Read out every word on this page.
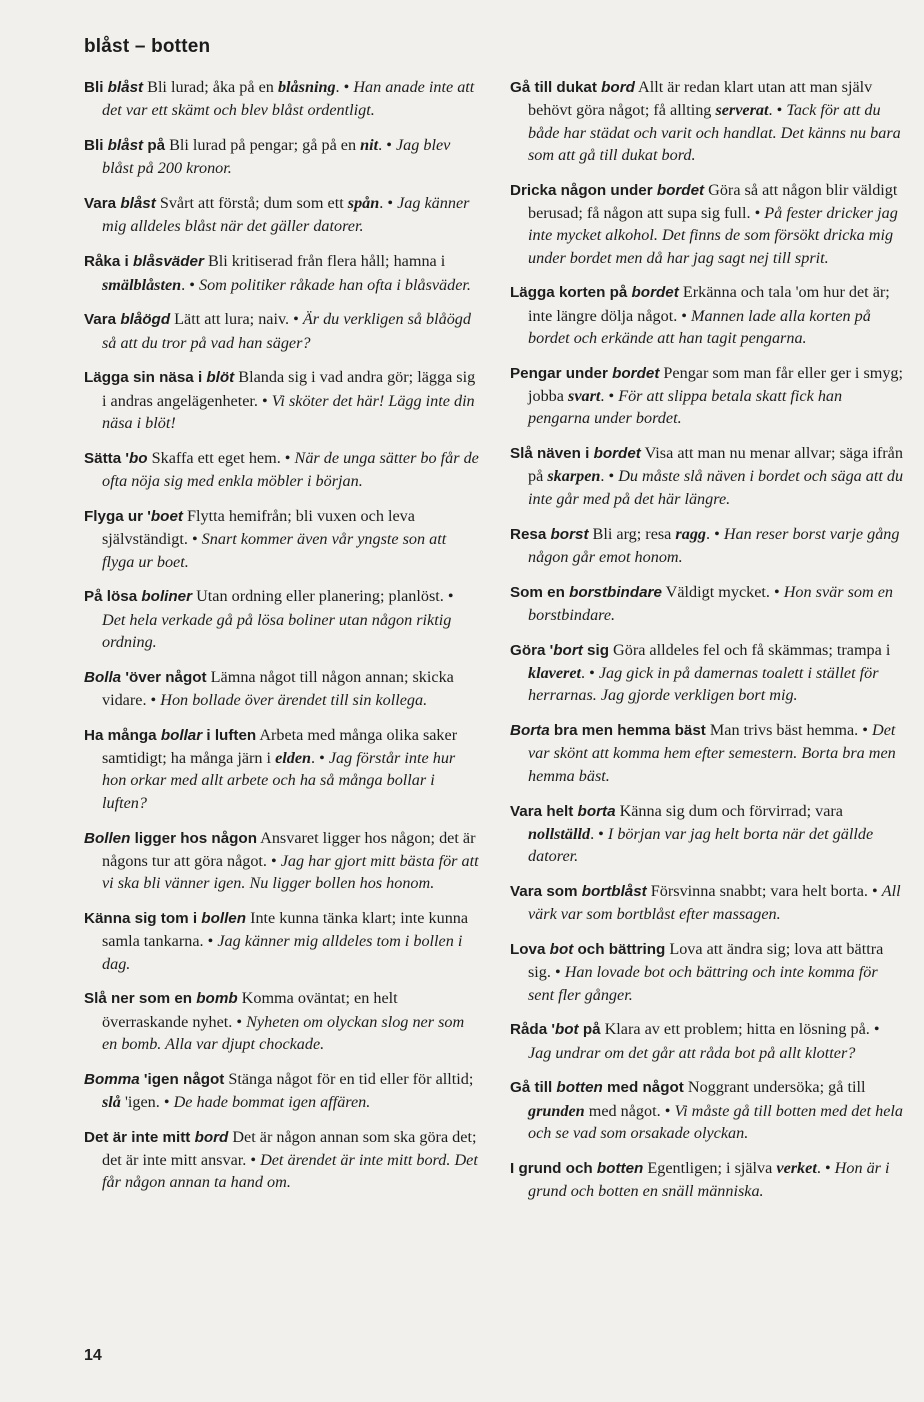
blåst – botten

Bli blåst Bli lurad; åka på en blåsning. • Han anade inte att det var ett skämt och blev blåst ordentligt.

Bli blåst på Bli lurad på pengar; gå på en nit. • Jag blev blåst på 200 kronor.

Vara blåst Svårt att förstå; dum som ett spån. • Jag känner mig alldeles blåst när det gäller datorer.

Råka i blåsväder Bli kritiserad från flera håll; hamna i smälblåsten. • Som politiker råkade han ofta i blåsväder.

Vara blåögd Lätt att lura; naiv. • Är du verkligen så blåögd så att du tror på vad han säger?

Lägga sin näsa i blöt Blanda sig i vad andra gör; lägga sig i andras angelägenheter. • Vi sköter det här! Lägg inte din näsa i blöt!

Sätta 'bo Skaffa ett eget hem. • När de unga sätter bo får de ofta nöja sig med enkla möbler i början.

Flyga ur 'boet Flytta hemifrån; bli vuxen och leva självständigt. • Snart kommer även vår yngste son att flyga ur boet.

På lösa boliner Utan ordning eller planering; planlöst. • Det hela verkade gå på lösa boliner utan någon riktig ordning.

Bolla 'över något Lämna något till någon annan; skicka vidare. • Hon bollade över ärendet till sin kollega.

Ha många bollar i luften Arbeta med många olika saker samtidigt; ha många järn i elden. • Jag förstår inte hur hon orkar med allt arbete och ha så många bollar i luften?

Bollen ligger hos någon Ansvaret ligger hos någon; det är någons tur att göra något. • Jag har gjort mitt bästa för att vi ska bli vänner igen. Nu ligger bollen hos honom.

Känna sig tom i bollen Inte kunna tänka klart; inte kunna samla tankarna. • Jag känner mig alldeles tom i bollen i dag.

Slå ner som en bomb Komma oväntat; en helt överraskande nyhet. • Nyheten om olyckan slog ner som en bomb. Alla var djupt chockade.

Bomma 'igen något Stänga något för en tid eller för alltid; slå 'igen. • De hade bommat igen affären.

Det är inte mitt bord Det är någon annan som ska göra det; det är inte mitt ansvar. • Det ärendet är inte mitt bord. Det får någon annan ta hand om.

Gå till dukat bord Allt är redan klart utan att man själv behövt göra något; få allting serverat. • Tack för att du både har städat och varit och handlat. Det känns nu bara som att gå till dukat bord.

Dricka någon under bordet Göra så att någon blir väldigt berusad; få någon att supa sig full. • På fester dricker jag inte mycket alkohol. Det finns de som försökt dricka mig under bordet men då har jag sagt nej till sprit.

Lägga korten på bordet Erkänna och tala 'om hur det är; inte längre dölja något. • Mannen lade alla korten på bordet och erkände att han tagit pengarna.

Pengar under bordet Pengar som man får eller ger i smyg; jobba svart. • För att slippa betala skatt fick han pengarna under bordet.

Slå näven i bordet Visa att man nu menar allvar; säga ifrån på skarpen. • Du måste slå näven i bordet och säga att du inte går med på det här längre.

Resa borst Bli arg; resa ragg. • Han reser borst varje gång någon går emot honom.

Som en borstbindare Väldigt mycket. • Hon svär som en borstbindare.

Göra 'bort sig Göra alldeles fel och få skämmas; trampa i klaveret. • Jag gick in på damernas toalett i stället för herrarnas. Jag gjorde verkligen bort mig.

Borta bra men hemma bäst Man trivs bäst hemma. • Det var skönt att komma hem efter semestern. Borta bra men hemma bäst.

Vara helt borta Känna sig dum och förvirrad; vara nollställd. • I början var jag helt borta när det gällde datorer.

Vara som bortblåst Försvinna snabbt; vara helt borta. • All värk var som bortblåst efter massagen.

Lova bot och bättring Lova att ändra sig; lova att bättra sig. • Han lovade bot och bättring och inte komma för sent fler gånger.

Råda 'bot på Klara av ett problem; hitta en lösning på. • Jag undrar om det går att råda bot på allt klotter?

Gå till botten med något Noggrant undersöka; gå till grunden med något. • Vi måste gå till botten med det hela och se vad som orsakade olyckan.

I grund och botten Egentligen; i själva verket. • Hon är i grund och botten en snäll människa.

14
